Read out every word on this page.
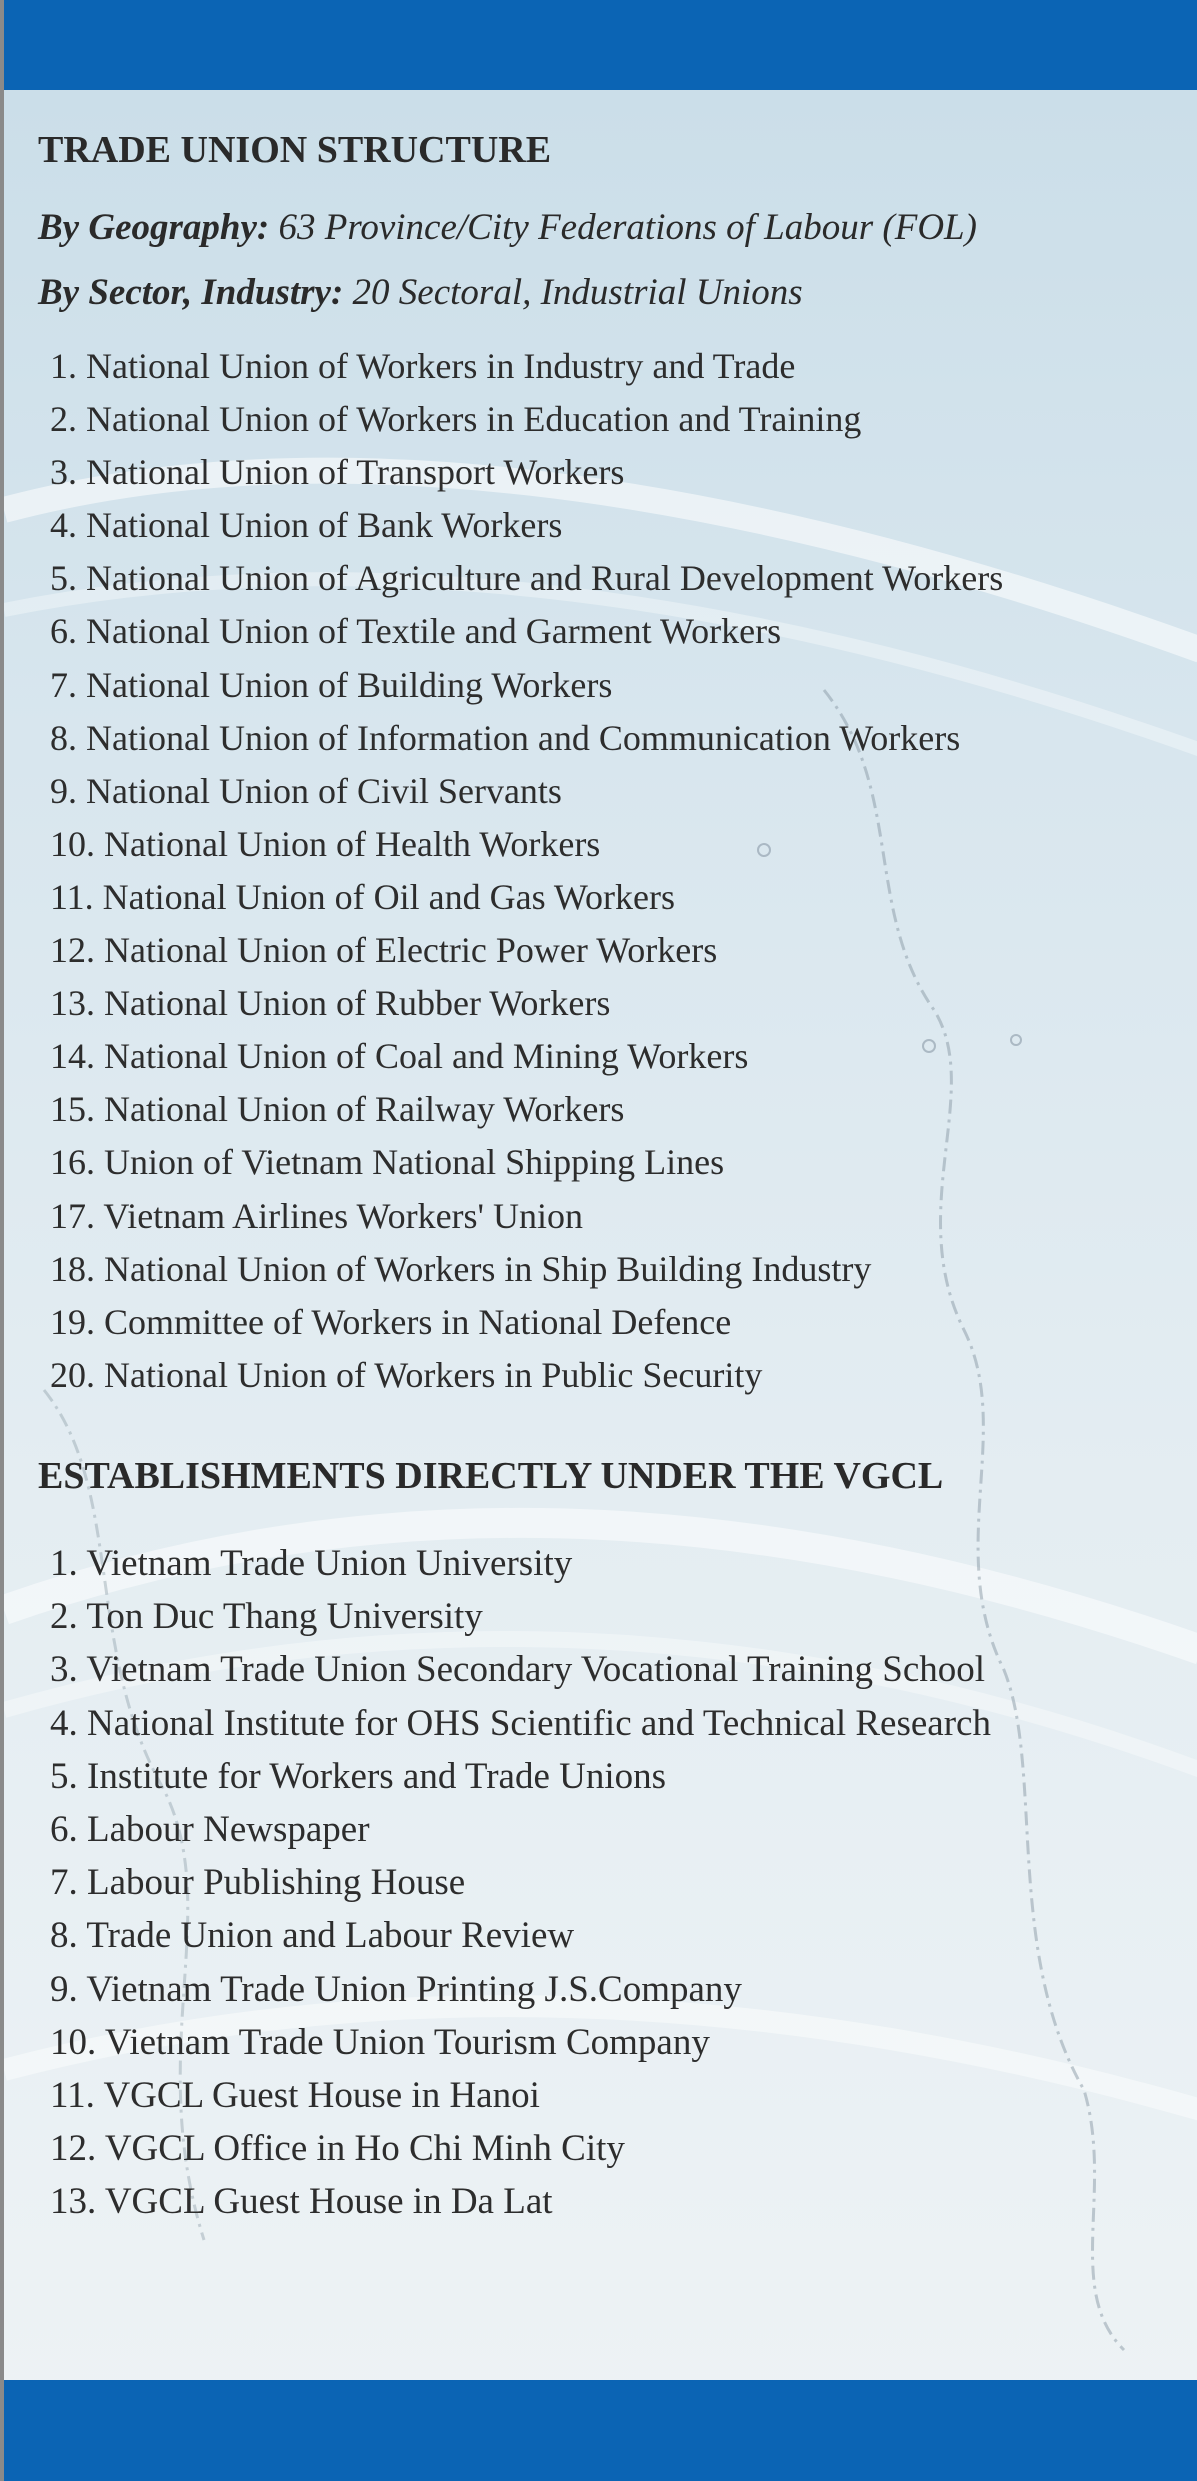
TRADE UNION STRUCTURE

By Geography: 63 Province/City Federations of Labour (FOL)

By Sector, Industry: 20 Sectoral, Industrial Unions

1. National Union of Workers in Industry and Trade
2. National Union of Workers in Education and Training
3. National Union of Transport Workers
4. National Union of Bank Workers
5. National Union of Agriculture and Rural Development Workers
6. National Union of Textile and Garment Workers
7. National Union of Building Workers
8. National Union of Information and Communication Workers
9. National Union of Civil Servants
10. National Union of Health Workers
11. National Union of Oil and Gas Workers
12. National Union of Electric Power Workers
13. National Union of Rubber Workers
14. National Union of Coal and Mining Workers
15. National Union of Railway Workers
16. Union of Vietnam National Shipping Lines
17. Vietnam Airlines Workers' Union
18. National Union of Workers in Ship Building Industry
19. Committee of Workers in National Defence
20. National Union of Workers in Public Security
ESTABLISHMENTS DIRECTLY UNDER THE VGCL
1. Vietnam Trade Union University
2. Ton Duc Thang University
3. Vietnam Trade Union Secondary Vocational Training School
4. National Institute for OHS Scientific and Technical Research
5. Institute for Workers and Trade Unions
6. Labour Newspaper
7. Labour Publishing House
8. Trade Union and Labour Review
9. Vietnam Trade Union Printing J.S.Company
10. Vietnam Trade Union Tourism Company
11. VGCL Guest House in Hanoi
12. VGCL Office in Ho Chi Minh City
13. VGCL Guest House in Da Lat
